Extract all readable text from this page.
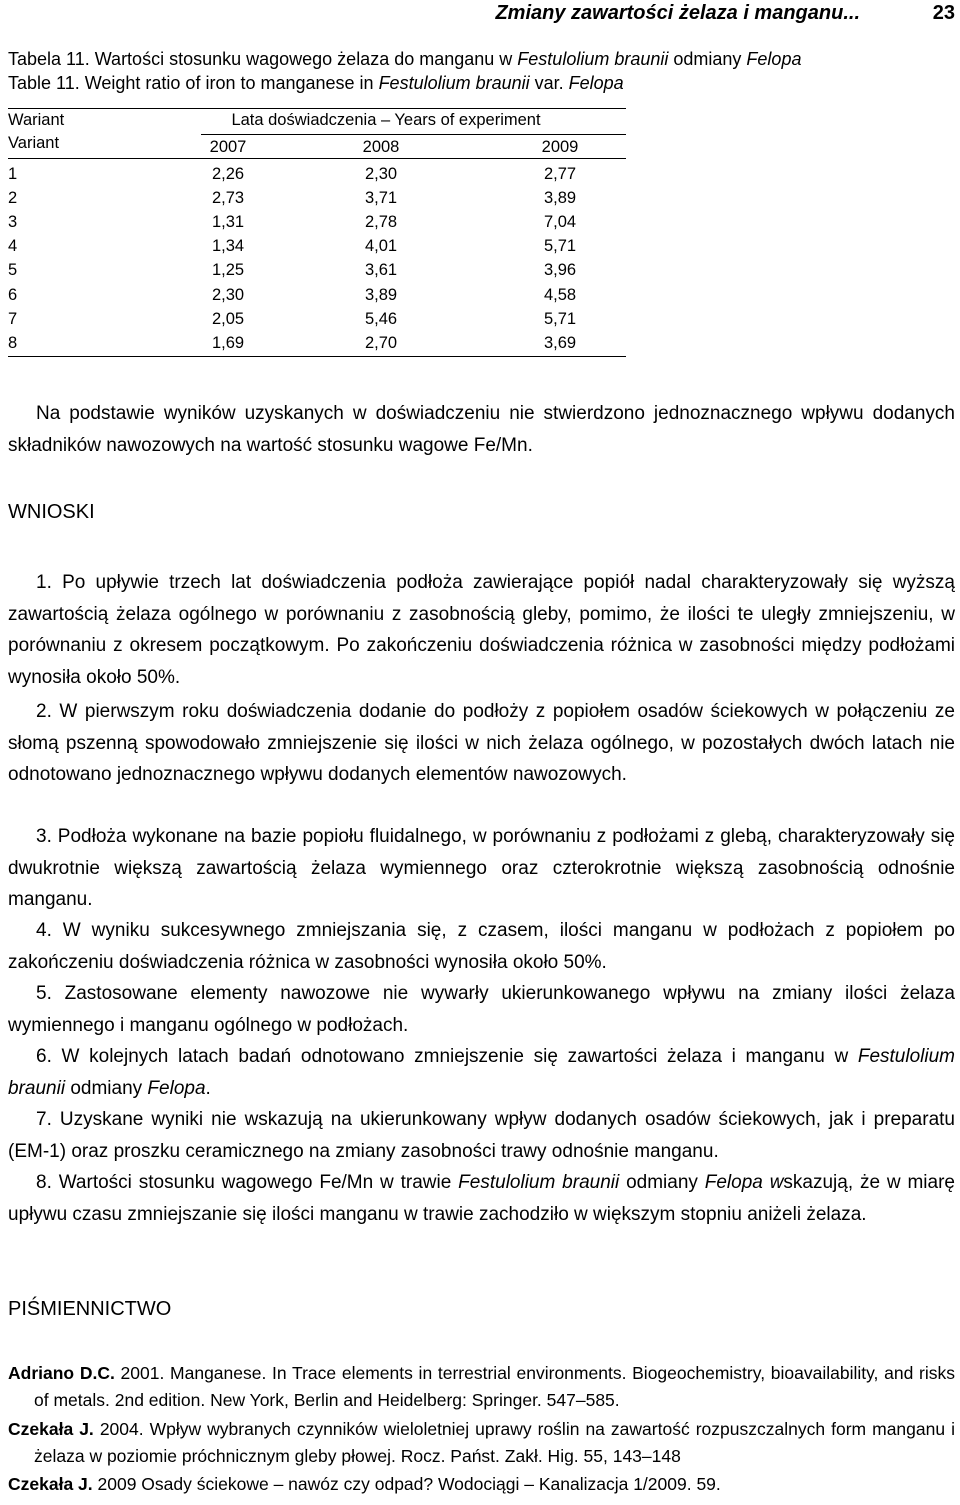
Zmiany zawartości żelaza i manganu...	23
Tabela 11. Wartości stosunku wagowego żelaza do manganu w Festulolium braunii odmiany Felopa
Table 11. Weight ratio of iron to manganese in Festulolium braunii var. Felopa
Wariant	Lata doświadczenia – Years of experiment
Variant	2007	2008	2009
1	2,26	2,30	2,77
2	2,73	3,71	3,89
3	1,31	2,78	7,04
4	1,34	4,01	5,71
5	1,25	3,61	3,96
6	2,30	3,89	4,58
7	2,05	5,46	5,71
8	1,69	2,70	3,69
Na podstawie wyników uzyskanych w doświadczeniu nie stwierdzono jednoznacznego wpływu dodanych składników nawozowych na wartość stosunku wagowe Fe/Mn.
WNIOSKI
1. Po upływie trzech lat doświadczenia podłoża zawierające popiół nadal charakteryzowały się wyższą zawartością żelaza ogólnego w porównaniu z zasobnością gleby, pomimo, że ilości te uległy zmniejszeniu, w porównaniu z okresem początkowym. Po zakończeniu doświadczenia różnica w zasobności między podłożami wynosiła około 50%.
2. W pierwszym roku doświadczenia dodanie do podłoży z popiołem osadów ściekowych w połączeniu ze słomą pszenną spowodowało zmniejszenie się ilości w nich żelaza ogólnego, w pozostałych dwóch latach nie odnotowano jednoznacznego wpływu dodanych elementów nawozowych.
3. Podłoża wykonane na bazie popiołu fluidalnego, w porównaniu z podłożami z glebą, charakteryzowały się dwukrotnie większą zawartością żelaza wymiennego oraz czterokrotnie większą zasobnością odnośnie manganu.
4. W wyniku sukcesywnego zmniejszania się, z czasem, ilości manganu w podłożach z popiołem po zakończeniu doświadczenia różnica w zasobności wynosiła około 50%.
5. Zastosowane elementy nawozowe nie wywarły ukierunkowanego wpływu na zmiany ilości żelaza wymiennego i manganu ogólnego w podłożach.
6. W kolejnych latach badań odnotowano zmniejszenie się zawartości żelaza i manganu w Festulolium braunii odmiany Felopa.
7. Uzyskane wyniki nie wskazują na ukierunkowany wpływ dodanych osadów ściekowych, jak i preparatu (EM-1) oraz proszku ceramicznego na zmiany zasobności trawy odnośnie manganu.
8. Wartości stosunku wagowego Fe/Mn w trawie Festulolium braunii odmiany Felopa wskazują, że w miarę upływu czasu zmniejszanie się ilości manganu w trawie zachodziło w większym stopniu aniżeli żelaza.
PIŚMIENNICTWO
Adriano D.C. 2001. Manganese. In Trace elements in terrestrial environments. Biogeochemistry, bioavailability, and risks of metals. 2nd edition. New York, Berlin and Heidelberg: Springer. 547–585.
Czekała J. 2004. Wpływ wybranych czynników wieloletniej uprawy roślin na zawartość rozpuszczalnych form manganu i żelaza w poziomie próchnicznym gleby płowej. Rocz. Państ. Zakł. Hig. 55, 143–148
Czekała J. 2009 Osady ściekowe – nawóz czy odpad? Wodociągi – Kanalizacja 1/2009. 59.
